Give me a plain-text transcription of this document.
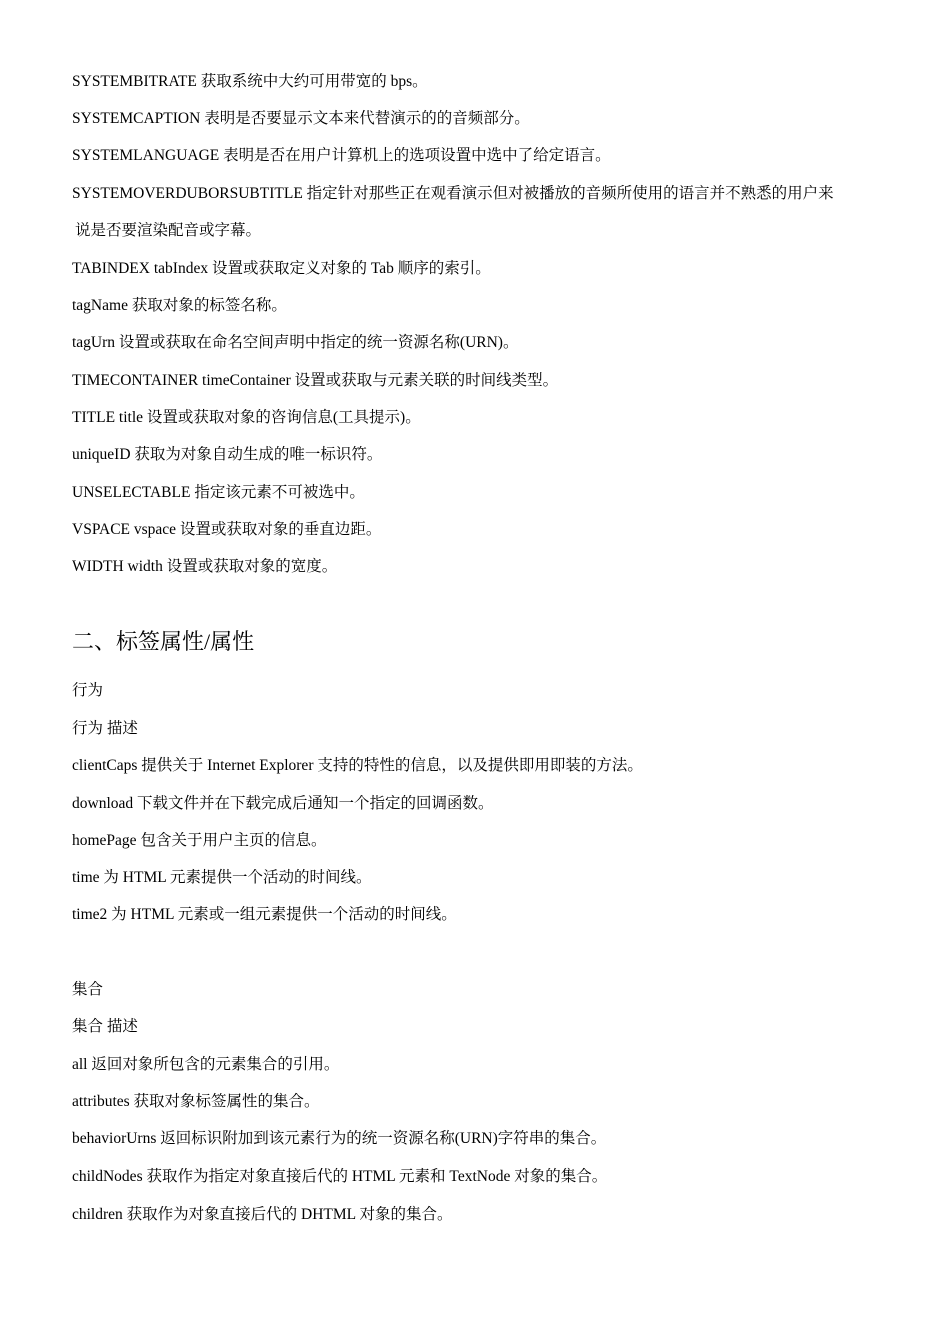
SYSTEMBITRATE 获取系统中大约可用带宽的 bps。
SYSTEMCAPTION 表明是否要显示文本来代替演示的的音频部分。
SYSTEMLANGUAGE 表明是否在用户计算机上的选项设置中选中了给定语言。
SYSTEMOVERDUBORSUBTITLE 指定针对那些正在观看演示但对被播放的音频所使用的语言并不熟悉的用户来
说是否要渲染配音或字幕。
TABINDEX tabIndex 设置或获取定义对象的 Tab 顺序的索引。
tagName 获取对象的标签名称。
tagUrn 设置或获取在命名空间声明中指定的统一资源名称(URN)。
TIMECONTAINER timeContainer 设置或获取与元素关联的时间线类型。
TITLE title 设置或获取对象的咨询信息(工具提示)。
uniqueID 获取为对象自动生成的唯一标识符。
UNSELECTABLE 指定该元素不可被选中。
VSPACE vspace 设置或获取对象的垂直边距。
WIDTH width 设置或获取对象的宽度。
二、标签属性/属性
行为
行为 描述
clientCaps 提供关于 Internet Explorer 支持的特性的信息，以及提供即用即装的方法。
download 下载文件并在下载完成后通知一个指定的回调函数。
homePage 包含关于用户主页的信息。
time 为 HTML 元素提供一个活动的时间线。
time2 为 HTML 元素或一组元素提供一个活动的时间线。
集合
集合 描述
all 返回对象所包含的元素集合的引用。
attributes 获取对象标签属性的集合。
behaviorUrns 返回标识附加到该元素行为的统一资源名称(URN)字符串的集合。
childNodes 获取作为指定对象直接后代的 HTML 元素和 TextNode 对象的集合。
children 获取作为对象直接后代的 DHTML 对象的集合。
